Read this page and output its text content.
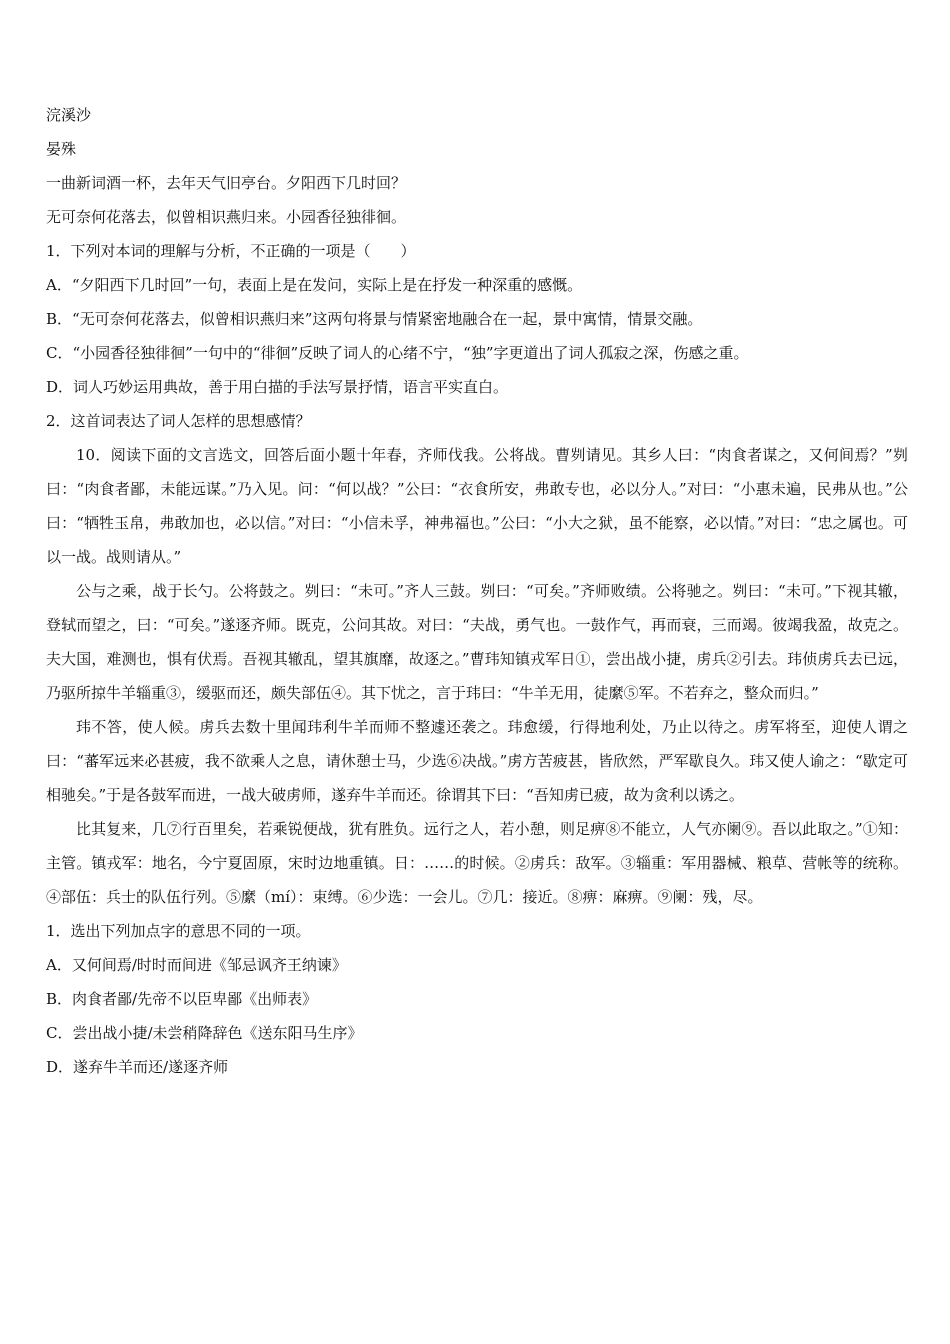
浣溪沙

晏殊

一曲新词酒一杯，去年天气旧亭台。夕阳西下几时回？

无可奈何花落去，似曾相识燕归来。小园香径独徘徊。

1．下列对本词的理解与分析，不正确的一项是（　　）

A．“夕阳西下几时回”一句，表面上是在发问，实际上是在抒发一种深重的感慨。

B．“无可奈何花落去，似曾相识燕归来”这两句将景与情紧密地融合在一起，景中寓情，情景交融。

C．“小园香径独徘徊”一句中的“徘徊”反映了词人的心绪不宁，“独”字更道出了词人孤寂之深，伤感之重。

D．词人巧妙运用典故，善于用白描的手法写景抒情，语言平实直白。

2．这首词表达了词人怎样的思想感情？

10．阅读下面的文言选文，回答后面小题十年春，齐师伐我。公将战。曹刿请见。其乡人曰：“肉食者谋之，又何间焉？”刿曰：“肉食者鄙，未能远谋。”乃入见。问：“何以战？”公曰：“衣食所安，弗敢专也，必以分人。”对曰：“小惠未遍，民弗从也。”公曰：“牺牲玉帛，弗敢加也，必以信。”对曰：“小信未孚，神弗福也。”公曰：“小大之狱，虽不能察，必以情。”对曰：“忠之属也。可以一战。战则请从。”

公与之乘，战于长勺。公将鼓之。刿曰：“未可。”齐人三鼓。刿曰：“可矣。”齐师败绩。公将驰之。刿曰：“未可。”下视其辙，登轼而望之，曰：“可矣。”遂逐齐师。既克，公问其故。对曰：“夫战，勇气也。一鼓作气，再而衰，三而竭。彼竭我盈，故克之。夫大国，难测也，惧有伏焉。吾视其辙乱，望其旗靡，故逐之。”曹玮知镇戎军日①，尝出战小捷，虏兵②引去。玮侦虏兵去已远，乃驱所掠牛羊辎重③，缓驱而还，颇失部伍④。其下忧之，言于玮曰：“牛羊无用，徒縻⑤军。不若弃之，整众而归。”

玮不答，使人候。虏兵去数十里闻玮利牛羊而师不整遽还袭之。玮愈缓，行得地利处，乃止以待之。虏军将至，迎使人谓之曰：“蕃军远来必甚疲，我不欲乘人之息，请休憩士马，少选⑥决战。”虏方苦疲甚，皆欣然，严军歇良久。玮又使人谕之：“歇定可相驰矣。”于是各鼓军而进，一战大破虏师，遂弃牛羊而还。徐谓其下曰：“吾知虏已疲，故为贪利以诱之。

比其复来，几⑦行百里矣，若乘锐便战，犹有胜负。远行之人，若小憩，则足痹⑧不能立，人气亦阑⑨。吾以此取之。”①知：主管。镇戎军：地名，今宁夏固原，宋时边地重镇。日：……的时候。②虏兵：敌军。③辎重：军用器械、粮草、营帐等的统称。④部伍：兵士的队伍行列。⑤縻（mí）：束缚。⑥少选：一会儿。⑦几：接近。⑧痹：麻痹。⑨阑：残，尽。

1．选出下列加点字的意思不同的一项。

A．又何间焉/时时而间进《邹忌讽齐王纳谏》

B．肉食者鄙/先帝不以臣卑鄙《出师表》

C．尝出战小捷/未尝稍降辞色《送东阳马生序》

D．遂弃牛羊而还/遂逐齐师
